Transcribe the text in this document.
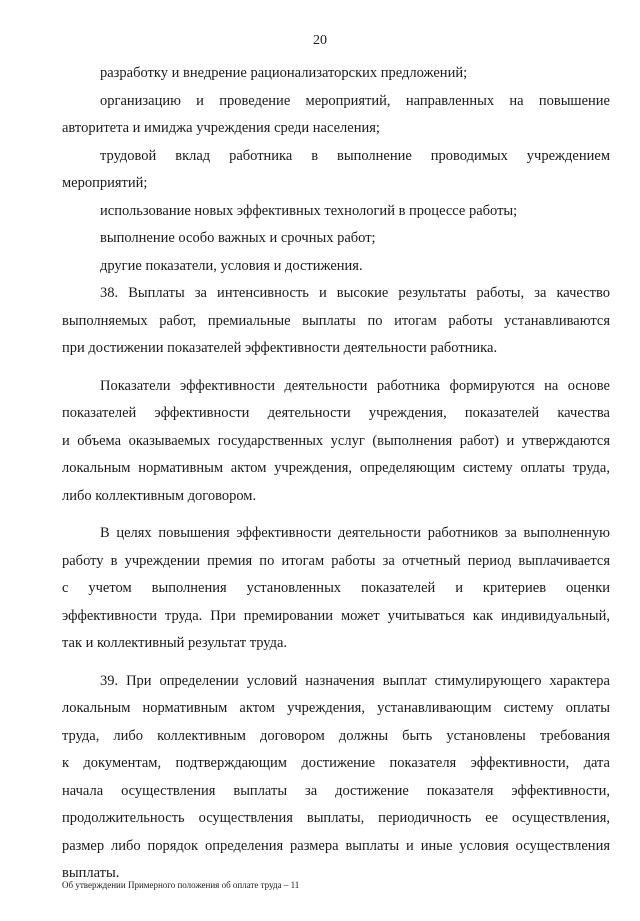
20
разработку и внедрение рационализаторских предложений;
организацию и проведение мероприятий, направленных на повышение
авторитета и имиджа учреждения среди населения;
трудовой вклад работника в выполнение проводимых учреждением
мероприятий;
использование новых эффективных технологий в процессе работы;
выполнение особо важных и срочных работ;
другие показатели, условия и достижения.
38. Выплаты за интенсивность и высокие результаты работы, за качество
выполняемых работ, премиальные выплаты по итогам работы устанавливаются
при достижении показателей эффективности деятельности работника.
Показатели эффективности деятельности работника формируются на основе
показателей эффективности деятельности учреждения, показателей качества
и объема оказываемых государственных услуг (выполнения работ) и утверждаются
локальным нормативным актом учреждения, определяющим систему оплаты труда,
либо коллективным договором.
В целях повышения эффективности деятельности работников за выполненную
работу в учреждении премия по итогам работы за отчетный период выплачивается
с учетом выполнения установленных показателей и критериев оценки
эффективности труда. При премировании может учитываться как индивидуальный,
так и коллективный результат труда.
39. При определении условий назначения выплат стимулирующего характера
локальным нормативным актом учреждения, устанавливающим систему оплаты
труда, либо коллективным договором должны быть установлены требования
к документам, подтверждающим достижение показателя эффективности, дата
начала осуществления выплаты за достижение показателя эффективности,
продолжительность осуществления выплаты, периодичность ее осуществления,
размер либо порядок определения размера выплаты и иные условия осуществления
выплаты.
Об утверждении Примерного положения об оплате труда – 11
